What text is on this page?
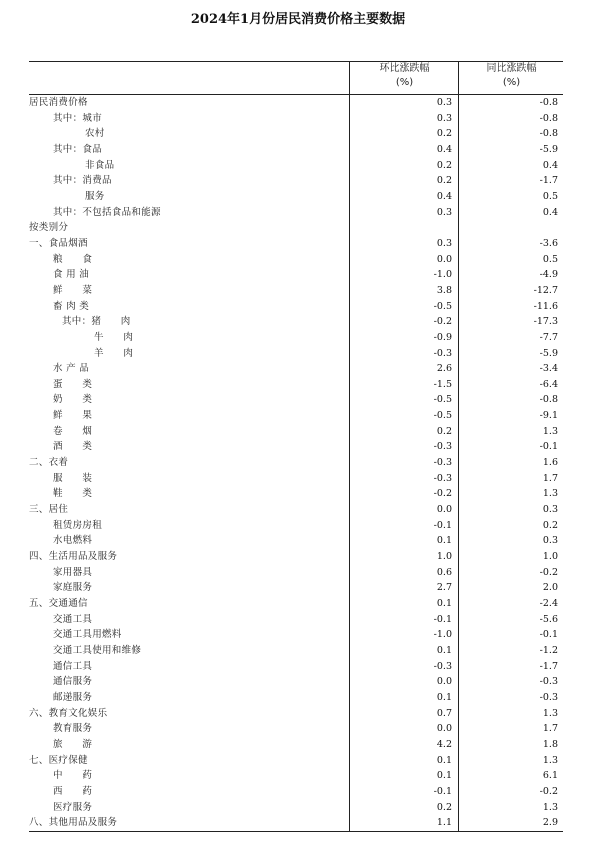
2024年1月份居民消费价格主要数据
环比涨跌幅
(%)
同比涨跌幅
(%)
居民消费价格	0.3	-0.8
其中：城市	0.3	-0.8
农村	0.2	-0.8
其中：食品	0.4	-5.9
非食品	0.2	0.4
其中：消费品	0.2	-1.7
服务	0.4	0.5
其中：不包括食品和能源	0.3	0.4
按类别分
一、食品烟酒	0.3	-3.6
粮　　食	0.0	0.5
食 用 油	-1.0	-4.9
鲜　　菜	3.8	-12.7
畜 肉 类	-0.5	-11.6
其中：猪　　肉	-0.2	-17.3
牛　　肉	-0.9	-7.7
羊　　肉	-0.3	-5.9
水 产 品	2.6	-3.4
蛋　　类	-1.5	-6.4
奶　　类	-0.5	-0.8
鲜　　果	-0.5	-9.1
卷　　烟	0.2	1.3
酒　　类	-0.3	-0.1
二、衣着	-0.3	1.6
服　　装	-0.3	1.7
鞋　　类	-0.2	1.3
三、居住	0.0	0.3
租赁房房租	-0.1	0.2
水电燃料	0.1	0.3
四、生活用品及服务	1.0	1.0
家用器具	0.6	-0.2
家庭服务	2.7	2.0
五、交通通信	0.1	-2.4
交通工具	-0.1	-5.6
交通工具用燃料	-1.0	-0.1
交通工具使用和维修	0.1	-1.2
通信工具	-0.3	-1.7
通信服务	0.0	-0.3
邮递服务	0.1	-0.3
六、教育文化娱乐	0.7	1.3
教育服务	0.0	1.7
旅　　游	4.2	1.8
七、医疗保健	0.1	1.3
中　　药	0.1	6.1
西　　药	-0.1	-0.2
医疗服务	0.2	1.3
八、其他用品及服务	1.1	2.9
